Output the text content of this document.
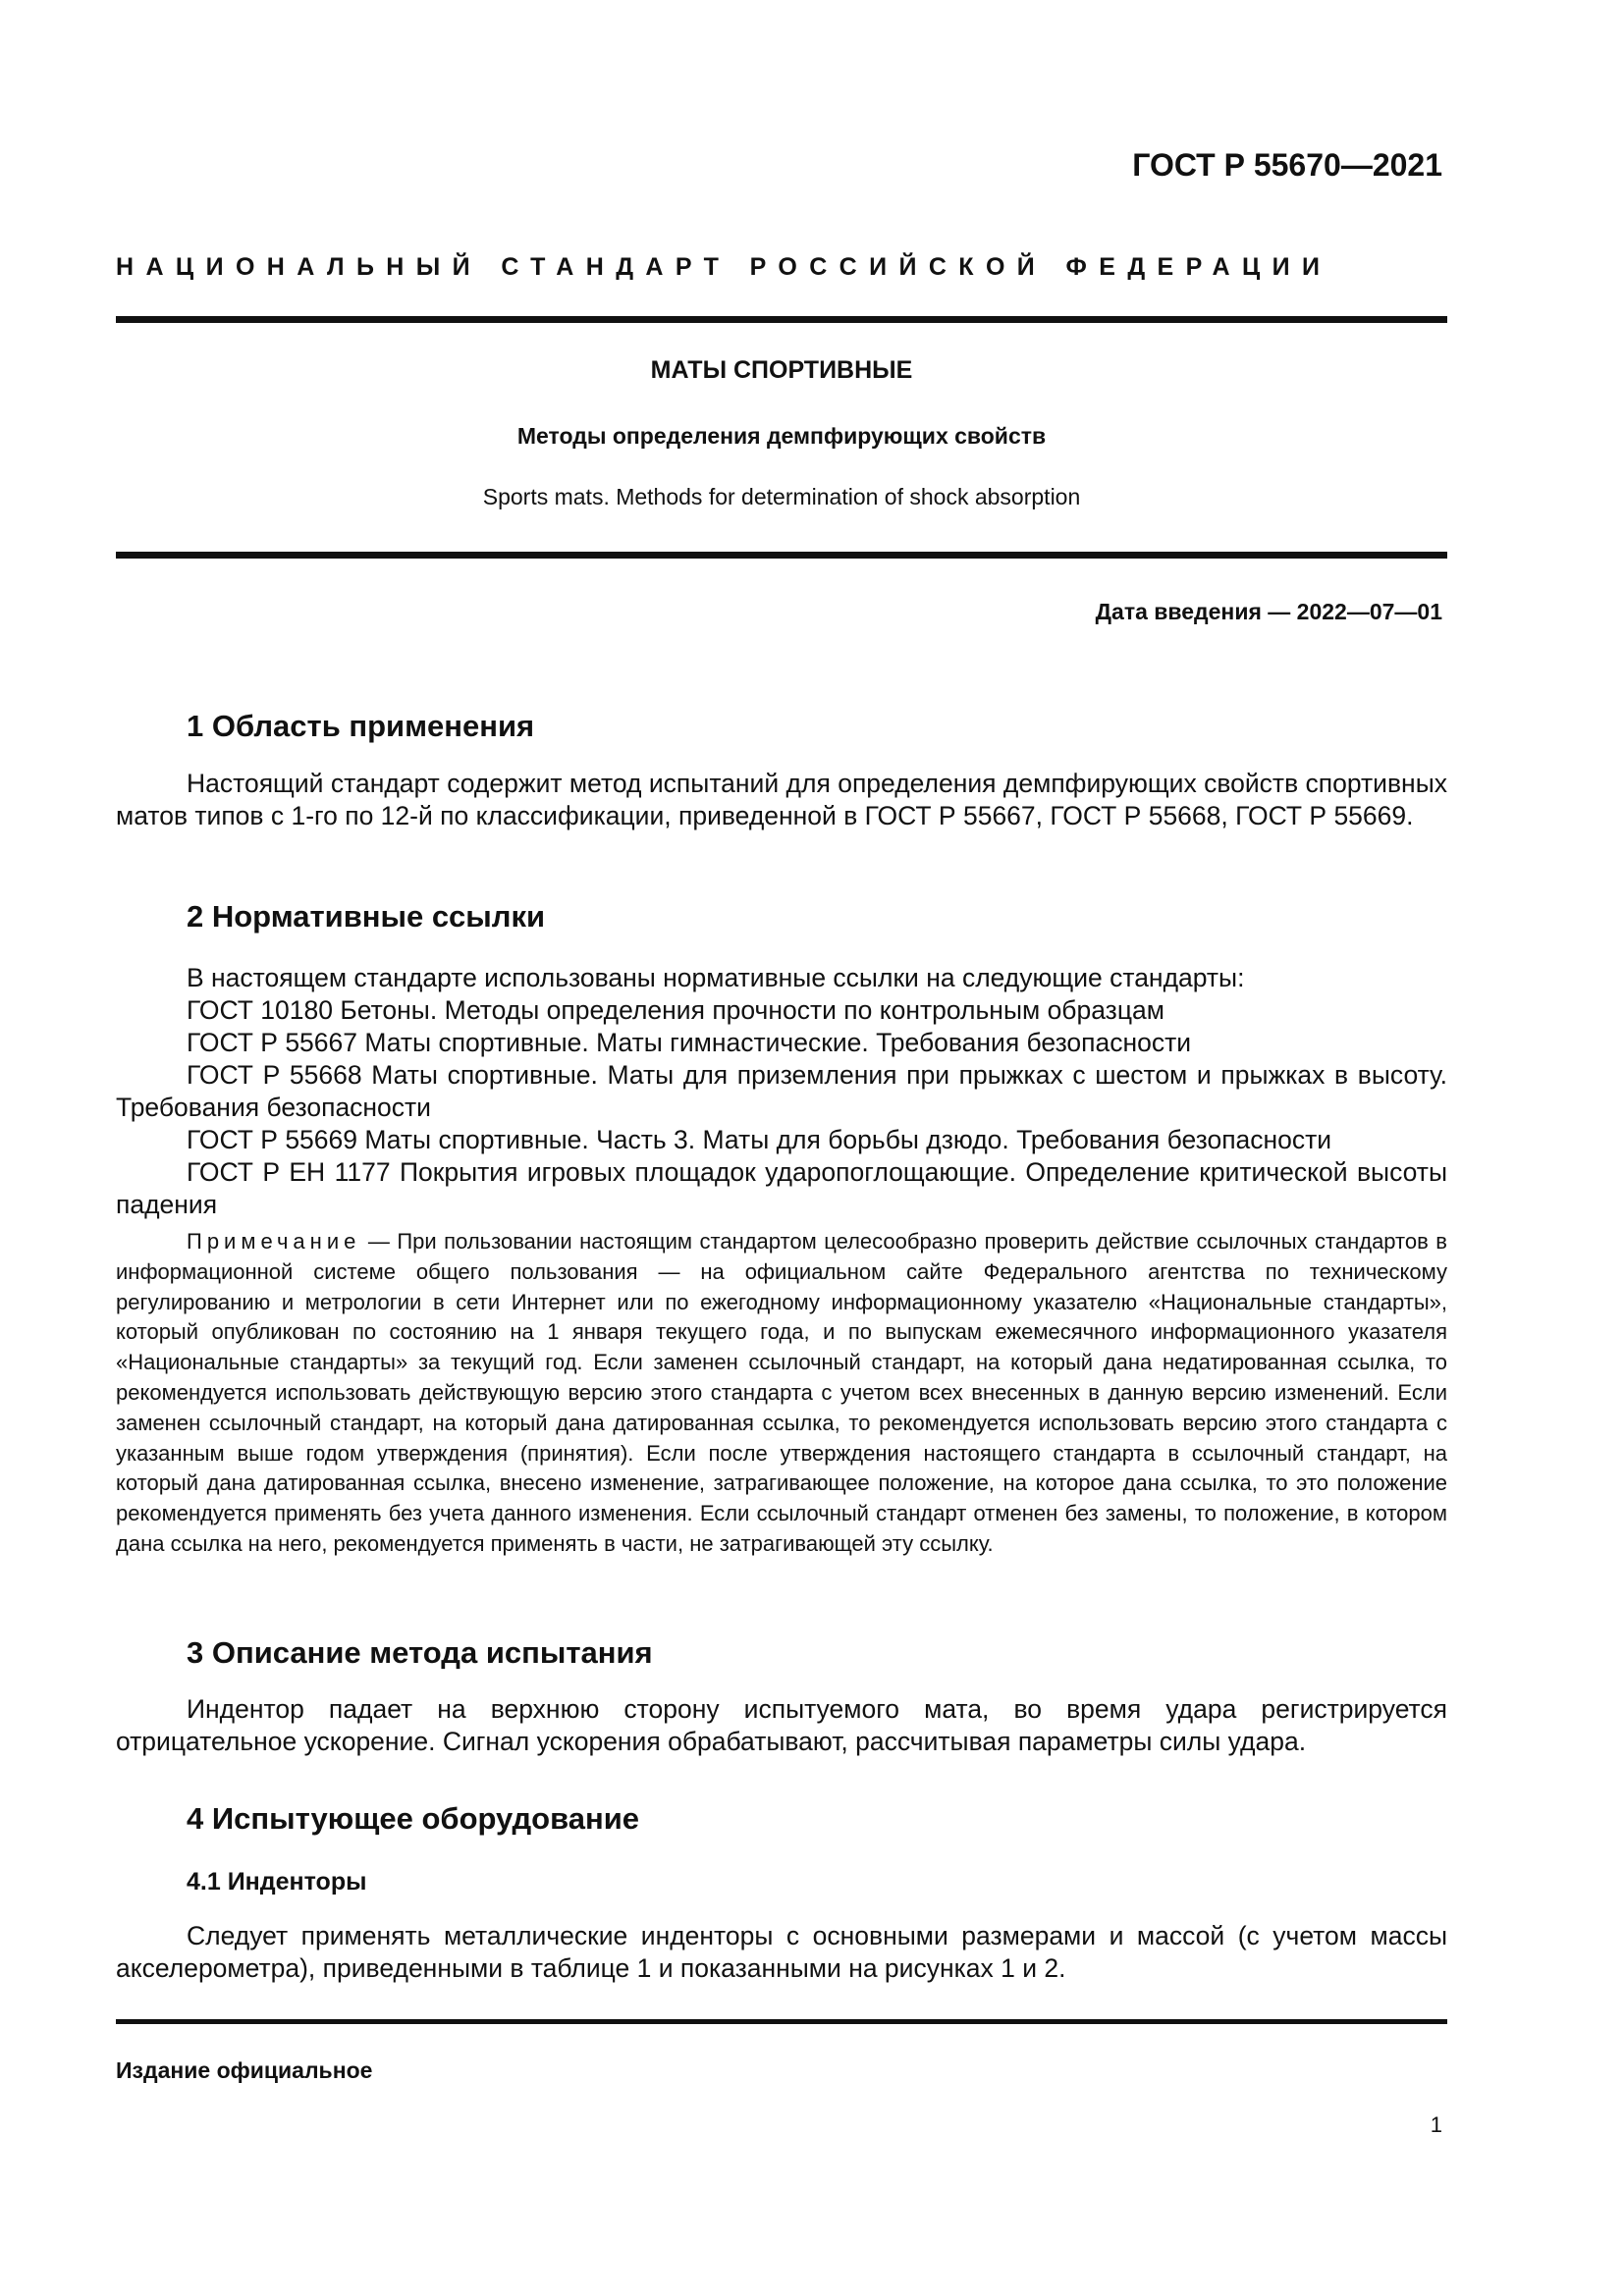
ГОСТ Р 55670—2021

НАЦИОНАЛЬНЫЙ СТАНДАРТ РОССИЙСКОЙ ФЕДЕРАЦИИ

МАТЫ СПОРТИВНЫЕ

Методы определения демпфирующих свойств

Sports mats. Methods for determination of shock absorption

Дата введения — 2022—07—01

1 Область применения

Настоящий стандарт содержит метод испытаний для определения демпфирующих свойств спортивных матов типов с 1-го по 12-й по классификации, приведенной в ГОСТ Р 55667, ГОСТ Р 55668, ГОСТ Р 55669.

2 Нормативные ссылки

В настоящем стандарте использованы нормативные ссылки на следующие стандарты:

ГОСТ 10180 Бетоны. Методы определения прочности по контрольным образцам

ГОСТ Р 55667 Маты спортивные. Маты гимнастические. Требования безопасности

ГОСТ Р 55668 Маты спортивные. Маты для приземления при прыжках с шестом и прыжках в высоту. Требования безопасности

ГОСТ Р 55669 Маты спортивные. Часть 3. Маты для борьбы дзюдо. Требования безопасности

ГОСТ Р ЕН 1177 Покрытия игровых площадок ударопоглощающие. Определение критической высоты падения

Примечание — При пользовании настоящим стандартом целесообразно проверить действие ссылочных стандартов в информационной системе общего пользования — на официальном сайте Федерального агентства по техническому регулированию и метрологии в сети Интернет или по ежегодному информационному указателю «Национальные стандарты», который опубликован по состоянию на 1 января текущего года, и по выпускам ежемесячного информационного указателя «Национальные стандарты» за текущий год. Если заменен ссылочный стандарт, на который дана недатированная ссылка, то рекомендуется использовать действующую версию этого стандарта с учетом всех внесенных в данную версию изменений. Если заменен ссылочный стандарт, на который дана датированная ссылка, то рекомендуется использовать версию этого стандарта с указанным выше годом утверждения (принятия). Если после утверждения настоящего стандарта в ссылочный стандарт, на который дана датированная ссылка, внесено изменение, затрагивающее положение, на которое дана ссылка, то это положение рекомендуется применять без учета данного изменения. Если ссылочный стандарт отменен без замены, то положение, в котором дана ссылка на него, рекомендуется применять в части, не затрагивающей эту ссылку.

3 Описание метода испытания

Индентор падает на верхнюю сторону испытуемого мата, во время удара регистрируется отрицательное ускорение. Сигнал ускорения обрабатывают, рассчитывая параметры силы удара.

4 Испытующее оборудование

4.1 Инденторы

Следует применять металлические инденторы с основными размерами и массой (с учетом массы акселерометра), приведенными в таблице 1 и показанными на рисунках 1 и 2.

Издание официальное

1
